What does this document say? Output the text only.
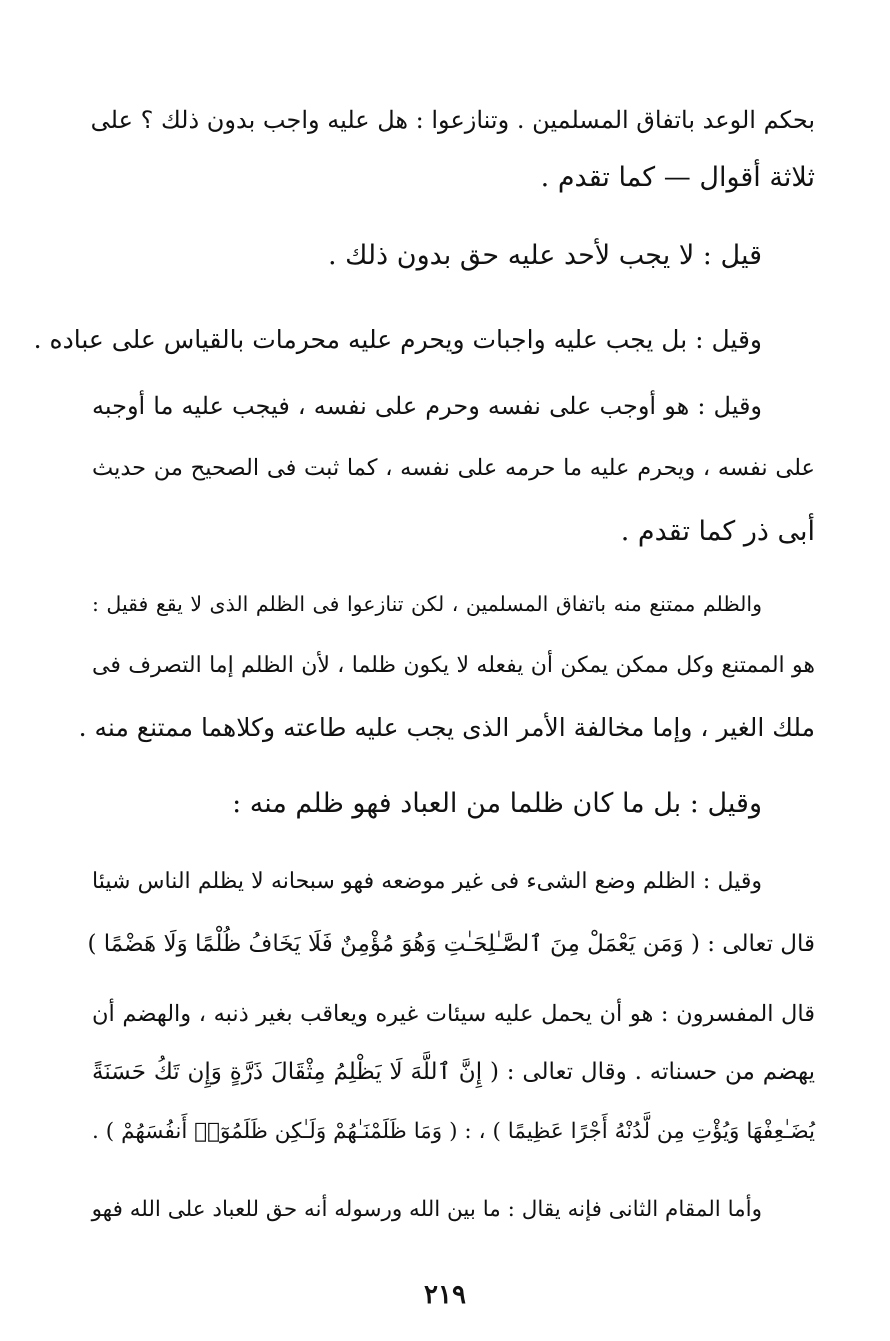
بحكم الوعد باتفاق المسلمين . وتنازعوا : هل عليه واجب بدون ذلك ؟ على
ثلاثة أقوال — كما تقدم .
قيل : لا يجب لأحد عليه حق بدون ذلك .
وقيل : بل يجب عليه واجبات ويحرم عليه محرمات بالقياس على عباده .
وقيل : هو أوجب على نفسه وحرم على نفسه ، فيجب عليه ما أوجبه
على نفسه ، ويحرم عليه ما حرمه على نفسه ، كما ثبت فى الصحيح من حديث
أبى ذر كما تقدم .
والظلم ممتنع منه باتفاق المسلمين ، لكن تنازعوا فى الظلم الذى لا يقع فقيل :
هو الممتنع وكل ممكن يمكن أن يفعله لا يكون ظلما ، لأن الظلم إما التصرف فى
ملك الغير ، وإما مخالفة الأمر الذى يجب عليه طاعته وكلاهما ممتنع منه .
وقيل : بل ما كان ظلما من العباد فهو ظلم منه :
وقيل : الظلم وضع الشىء فى غير موضعه فهو سبحانه لا يظلم الناس شيئا
قال تعالى : ( وَمَن يَعْمَلْ مِنَ ٱلصَّـٰلِحَـٰتِ وَهُوَ مُؤْمِنٌ فَلَا يَخَافُ ظُلْمًا وَلَا هَضْمًا )
قال المفسرون : هو أن يحمل عليه سيئات غيره ويعاقب بغير ذنبه ، والهضم أن
يهضم من حسناته . وقال تعالى : ( إِنَّ ٱللَّهَ لَا يَظْلِمُ مِثْقَالَ ذَرَّةٍ وَإِن تَكُ حَسَنَةً
يُضَـٰعِفْهَا وَيُؤْتِ مِن لَّدُنْهُ أَجْرًا عَظِيمًا ) ، : ( وَمَا ظَلَمْنَـٰهُمْ وَلَـٰكِن ظَلَمُوٓا۟ أَنفُسَهُمْ ) .
وأما المقام الثانى فإنه يقال : ما بين الله ورسوله أنه حق للعباد على الله فهو
٢١٩
